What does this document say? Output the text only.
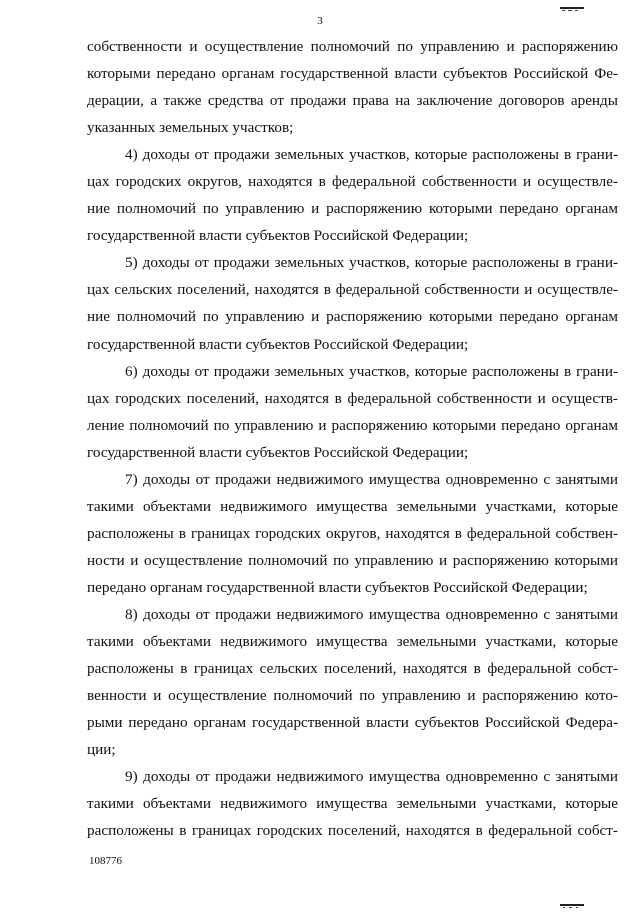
3
собственности и осуществление полномочий по управлению и распоряжению
которыми передано органам государственной власти субъектов Российской Фе-
дерации, а также средства от продажи права на заключение договоров аренды
указанных земельных участков;
4) доходы от продажи земельных участков, которые расположены в грани-
цах городских округов, находятся в федеральной собственности и осуществле-
ние полномочий по управлению и распоряжению которыми передано органам
государственной власти субъектов Российской Федерации;
5) доходы от продажи земельных участков, которые расположены в грани-
цах сельских поселений, находятся в федеральной собственности и осуществле-
ние полномочий по управлению и распоряжению которыми передано органам
государственной власти субъектов Российской Федерации;
6) доходы от продажи земельных участков, которые расположены в грани-
цах городских поселений, находятся в федеральной собственности и осуществ-
ление полномочий по управлению и распоряжению которыми передано органам
государственной власти субъектов Российской Федерации;
7) доходы от продажи недвижимого имущества одновременно с занятыми
такими объектами недвижимого имущества земельными участками, которые
расположены в границах городских округов, находятся в федеральной собствен-
ности и осуществление полномочий по управлению и распоряжению которыми
передано органам государственной власти субъектов Российской Федерации;
8) доходы от продажи недвижимого имущества одновременно с занятыми
такими объектами недвижимого имущества земельными участками, которые
расположены в границах сельских поселений, находятся в федеральной собст-
венности и осуществление полномочий по управлению и распоряжению кото-
рыми передано органам государственной власти субъектов Российской Федера-
ции;
9) доходы от продажи недвижимого имущества одновременно с занятыми
такими объектами недвижимого имущества земельными участками, которые
расположены в границах городских поселений, находятся в федеральной собст-
108776
